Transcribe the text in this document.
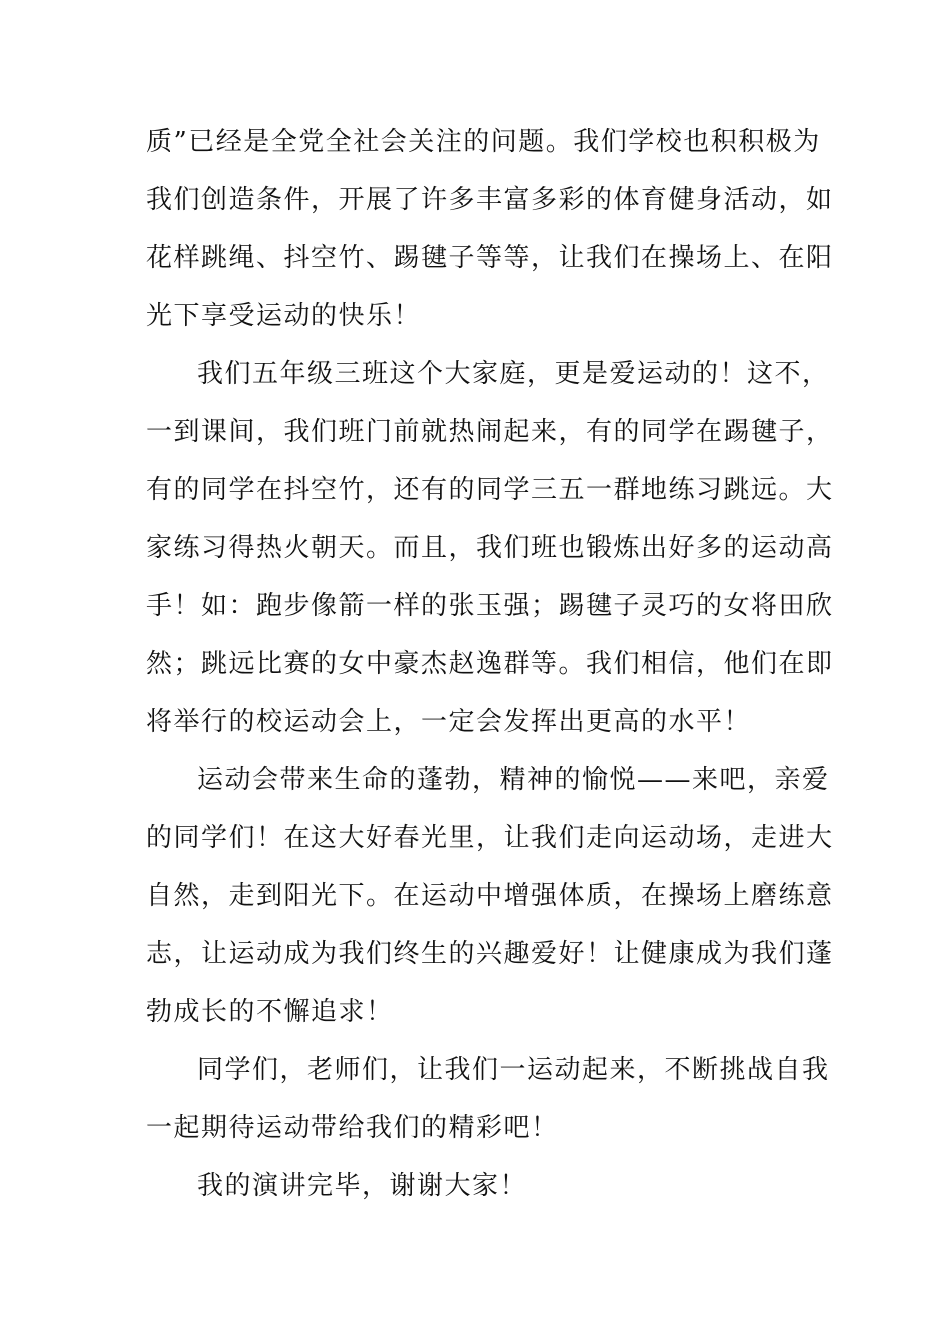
质”已经是全党全社会关注的问题。我们学校也积积极为
我们创造条件，开展了许多丰富多彩的体育健身活动，如
花样跳绳、抖空竹、踢毽子等等，让我们在操场上、在阳
光下享受运动的快乐！
我们五年级三班这个大家庭，更是爱运动的！这不，
一到课间，我们班门前就热闹起来，有的同学在踢毽子，
有的同学在抖空竹，还有的同学三五一群地练习跳远。大
家练习得热火朝天。而且，我们班也锻炼出好多的运动高
手！如：跑步像箭一样的张玉强；踢毽子灵巧的女将田欣
然；跳远比赛的女中豪杰赵逸群等。我们相信，他们在即
将举行的校运动会上，一定会发挥出更高的水平！
运动会带来生命的蓬勃，精神的愉悦——来吧，亲爱
的同学们！在这大好春光里，让我们走向运动场，走进大
自然，走到阳光下。在运动中增强体质，在操场上磨练意
志，让运动成为我们终生的兴趣爱好！让健康成为我们蓬
勃成长的不懈追求！
同学们，老师们，让我们一运动起来，不断挑战自我
一起期待运动带给我们的精彩吧！
我的演讲完毕，谢谢大家！
